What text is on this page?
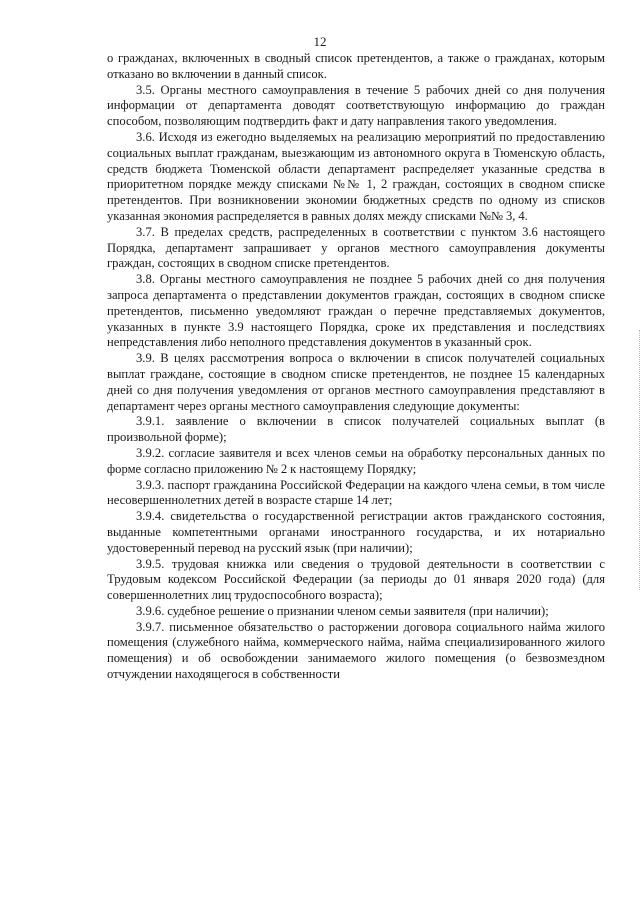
12

о гражданах, включенных в сводный список претендентов, а также о гражданах, которым отказано во включении в данный список.

3.5. Органы местного самоуправления в течение 5 рабочих дней со дня получения информации от департамента доводят соответствующую информацию до граждан способом, позволяющим подтвердить факт и дату направления такого уведомления.

3.6. Исходя из ежегодно выделяемых на реализацию мероприятий по предоставлению социальных выплат гражданам, выезжающим из автономного округа в Тюменскую область, средств бюджета Тюменской области департамент распределяет указанные средства в приоритетном порядке между списками №№ 1, 2 граждан, состоящих в сводном списке претендентов. При возникновении экономии бюджетных средств по одному из списков указанная экономия распределяется в равных долях между списками №№ 3, 4.

3.7. В пределах средств, распределенных в соответствии с пунктом 3.6 настоящего Порядка, департамент запрашивает у органов местного самоуправления документы граждан, состоящих в сводном списке претендентов.

3.8. Органы местного самоуправления не позднее 5 рабочих дней со дня получения запроса департамента о представлении документов граждан, состоящих в сводном списке претендентов, письменно уведомляют граждан о перечне представляемых документов, указанных в пункте 3.9 настоящего Порядка, сроке их представления и последствиях непредставления либо неполного представления документов в указанный срок.

3.9. В целях рассмотрения вопроса о включении в список получателей социальных выплат граждане, состоящие в сводном списке претендентов, не позднее 15 календарных дней со дня получения уведомления от органов местного самоуправления представляют в департамент через органы местного самоуправления следующие документы:

3.9.1. заявление о включении в список получателей социальных выплат (в произвольной форме);

3.9.2. согласие заявителя и всех членов семьи на обработку персональных данных по форме согласно приложению № 2 к настоящему Порядку;

3.9.3. паспорт гражданина Российской Федерации на каждого члена семьи, в том числе несовершеннолетних детей в возрасте старше 14 лет;

3.9.4. свидетельства о государственной регистрации актов гражданского состояния, выданные компетентными органами иностранного государства, и их нотариально удостоверенный перевод на русский язык (при наличии);

3.9.5. трудовая книжка или сведения о трудовой деятельности в соответствии с Трудовым кодексом Российской Федерации (за периоды до 01 января 2020 года) (для совершеннолетних лиц трудоспособного возраста);

3.9.6. судебное решение о признании членом семьи заявителя (при наличии);

3.9.7. письменное обязательство о расторжении договора социального найма жилого помещения (служебного найма, коммерческого найма, найма специализированного жилого помещения) и об освобождении занимаемого жилого помещения (о безвозмездном отчуждении находящегося в собственности
